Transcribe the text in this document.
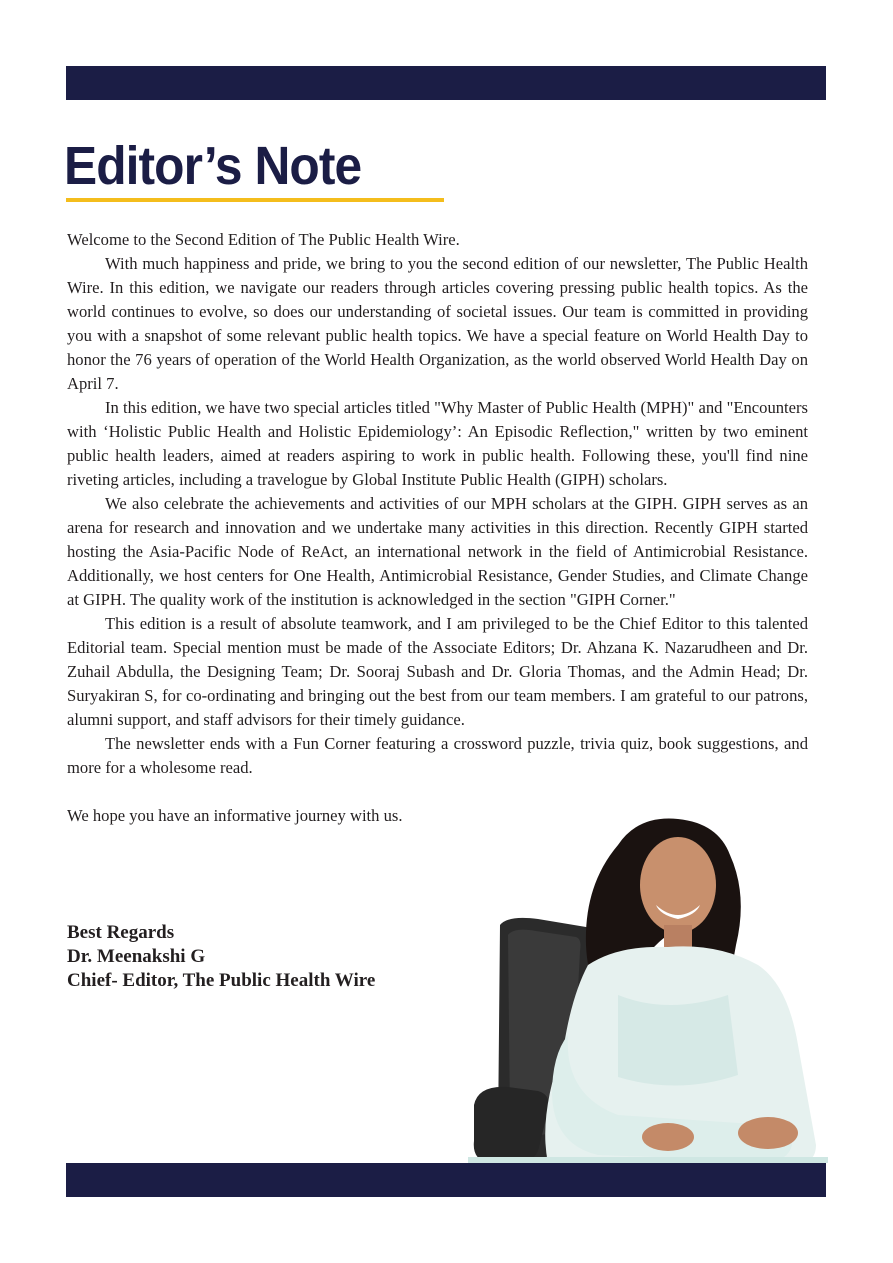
Editor’s Note

Welcome to the Second Edition of The Public Health Wire.

With much happiness and pride, we bring to you the second edition of our newsletter, The Public Health Wire. In this edition, we navigate our readers through articles covering pressing public health topics. As the world continues to evolve, so does our understanding of societal issues. Our team is committed in providing you with a snapshot of some relevant public health topics. We have a special feature on World Health Day to honor the 76 years of operation of the World Health Organization, as the world observed World Health Day on April 7.

In this edition, we have two special articles titled "Why Master of Public Health (MPH)" and "Encounters with ‘Holistic Public Health and Holistic Epidemiology’: An Episodic Reflection," written by two eminent public health leaders, aimed at readers aspiring to work in public health. Following these, you'll find nine riveting articles, including a travelogue by Global Institute Public Health (GIPH) scholars.

We also celebrate the achievements and activities of our MPH scholars at the GIPH. GIPH serves as an arena for research and innovation and we undertake many activities in this direction. Recently GIPH started hosting the Asia-Pacific Node of ReAct, an international network in the field of Antimicrobial Resistance. Additionally, we host centers for One Health, Antimicrobial Resistance, Gender Studies, and Climate Change at GIPH. The quality work of the institution is acknowledged in the section "GIPH Corner."

This edition is a result of absolute teamwork, and I am privileged to be the Chief Editor to this talented Editorial team. Special mention must be made of the Associate Editors; Dr. Ahzana K. Nazarudheen and Dr. Zuhail Abdulla, the Designing Team; Dr. Sooraj Subash and Dr. Gloria Thomas, and the Admin Head; Dr. Suryakiran S, for co-ordinating and bringing out the best from our team members. I am grateful to our patrons, alumni support, and staff advisors for their timely guidance.

The newsletter ends with a Fun Corner featuring a crossword puzzle, trivia quiz, book suggestions, and more for a wholesome read.

We hope you have an informative journey with us.

Best Regards
Dr. Meenakshi G
Chief- Editor, The Public Health Wire
